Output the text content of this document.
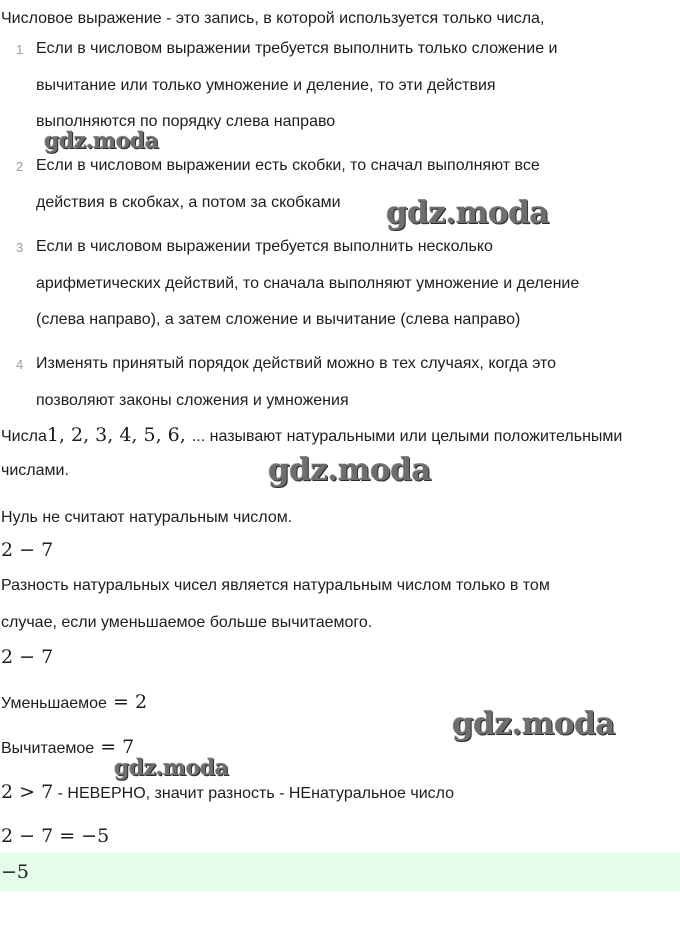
Числовое выражение - это запись, в которой используется только числа,
1 Если в числовом выражении требуется выполнить только сложение и
вычитание или только умножение и деление, то эти действия
выполняются по порядку слева направо
2 Если в числовом выражении есть скобки, то сначал выполняют все
действия в скобках, а потом за скобками
3 Если в числовом выражении требуется выполнить несколько
арифметических действий, то сначала выполняют умножение и деление
(слева направо), а затем сложение и вычитание (слева направо)
4 Изменять принятый порядок действий можно в тех случаях, когда это
позволяют законы сложения и умножения
Числа1, 2, 3, 4, 5, 6, ... называют натуральными или целыми положительными
числами.
Нуль не считают натуральным числом.
2 − 7
Разность натуральных чисел является натуральным числом только в том
случае, если уменьшаемое больше вычитаемого.
2 − 7
Уменьшаемое = 2
Вычитаемое = 7
2 > 7 - НЕВЕРНО, значит разность - НЕнатуральное число
2 − 7 = −5
−5
gdz.moda
gdz.moda
gdz.moda
gdz.moda
gdz.moda
